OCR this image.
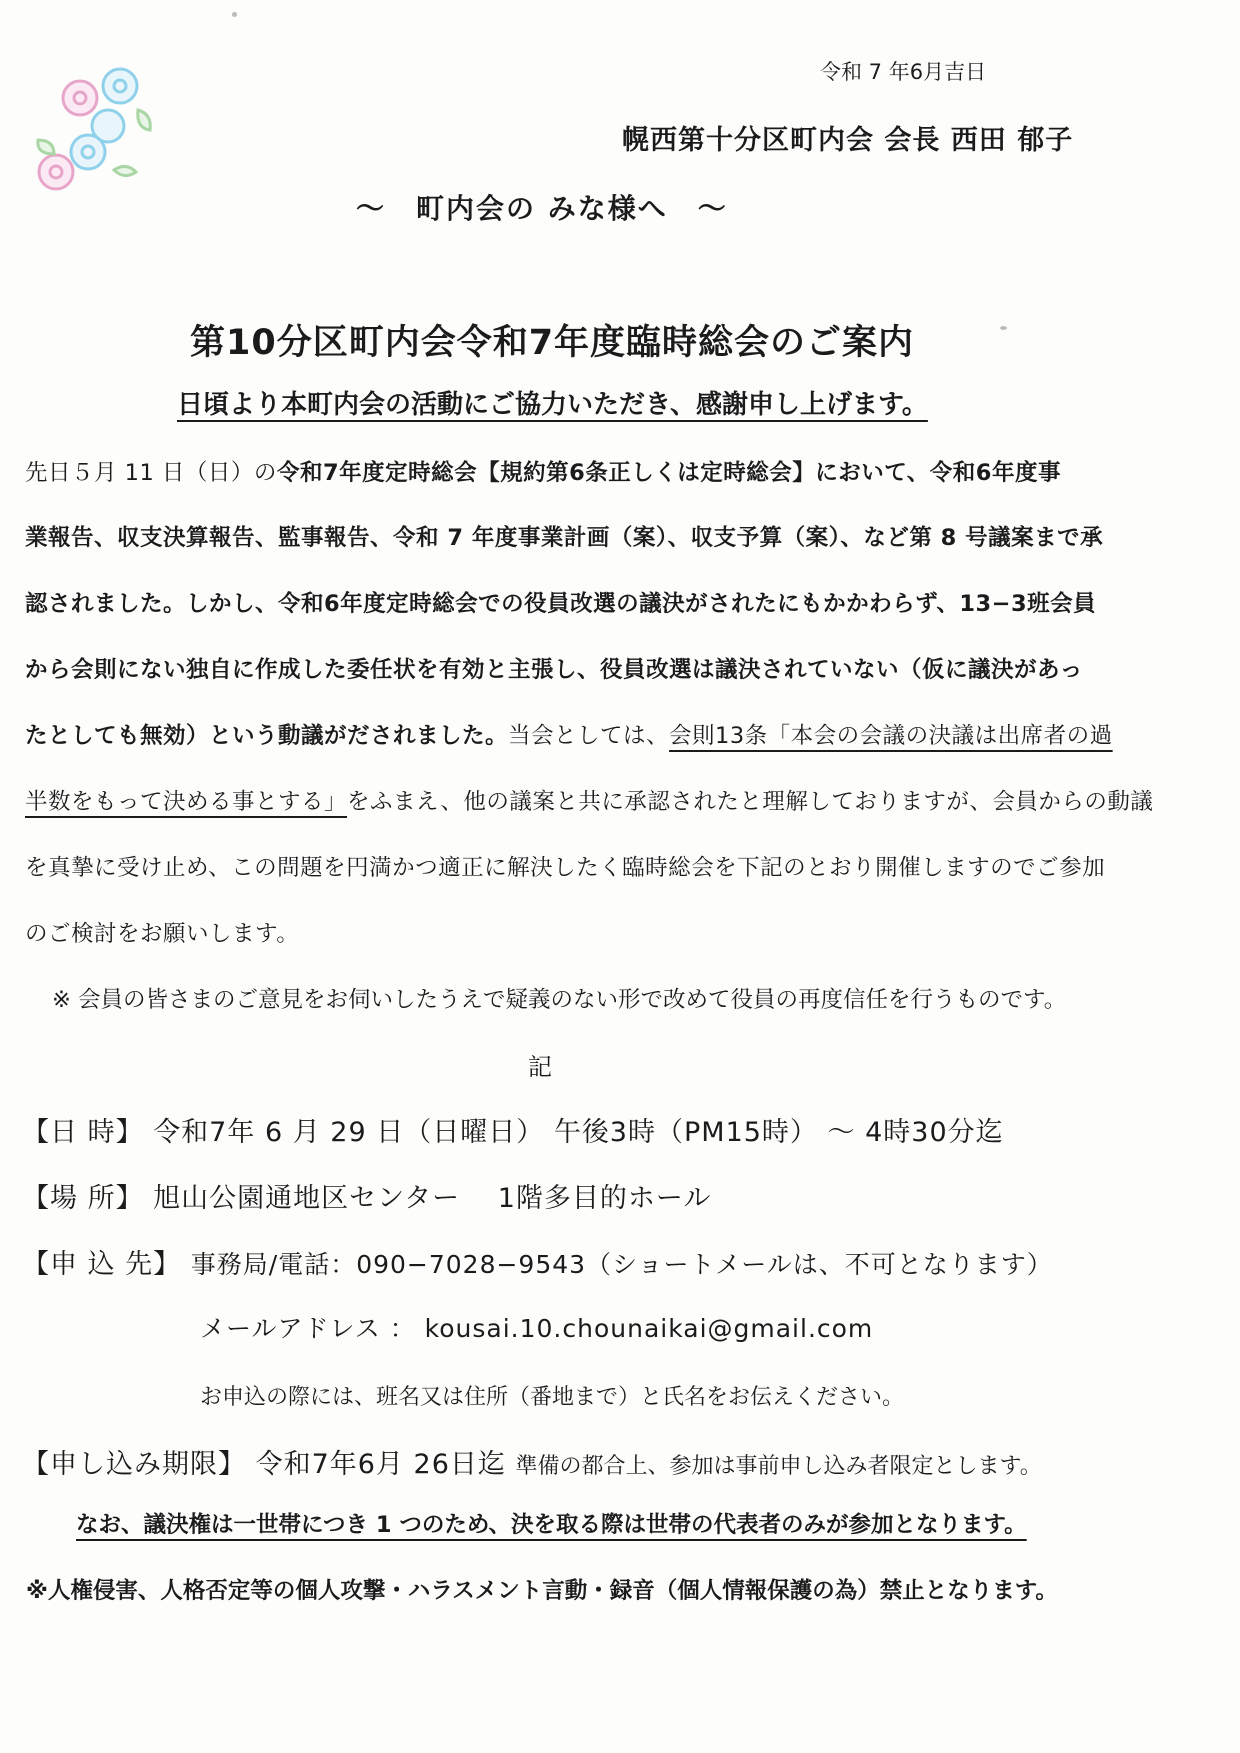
令和 7 年6月吉日
幌西第十分区町内会 会長 西田 郁子
～　町内会の みな様へ　～
第10分区町内会令和7年度臨時総会のご案内
日頃より本町内会の活動にご協力いただき、感謝申し上げます。
先日５月 11 日（日）の令和7年度定時総会【規約第6条正しくは定時総会】において、令和6年度事
業報告、収支決算報告、監事報告、令和 7 年度事業計画（案）、収支予算（案）、など第 8 号議案まで承
認されました。しかし、令和6年度定時総会での役員改選の議決がされたにもかかわらず、13−3班会員
から会則にない独自に作成した委任状を有効と主張し、役員改選は議決されていない（仮に議決があっ
たとしても無効）という動議がだされました。当会としては、会則13条「本会の会議の決議は出席者の過
半数をもって決める事とする」をふまえ、他の議案と共に承認されたと理解しておりますが、会員からの動議
を真摯に受け止め、この問題を円満かつ適正に解決したく臨時総会を下記のとおり開催しますのでご参加
のご検討をお願いします。
※ 会員の皆さまのご意見をお伺いしたうえで疑義のない形で改めて役員の再度信任を行うものです。
記
【日 時】 令和7年 6 月 29 日（日曜日） 午後3時（PM15時） ～ 4時30分迄
【場 所】 旭山公園通地区センター　 1階多目的ホール
【申 込 先】 事務局/電話：090−7028−9543（ショートメールは、不可となります）
メールアドレス ： kousai.10.chounaikai@gmail.com
お申込の際には、班名又は住所（番地まで）と氏名をお伝えください。
【申し込み期限】 令和7年6月 26日迄 準備の都合上、参加は事前申し込み者限定とします。
なお、議決権は一世帯につき 1 つのため、決を取る際は世帯の代表者のみが参加となります。
※人権侵害、人格否定等の個人攻撃・ハラスメント言動・録音（個人情報保護の為）禁止となります。
